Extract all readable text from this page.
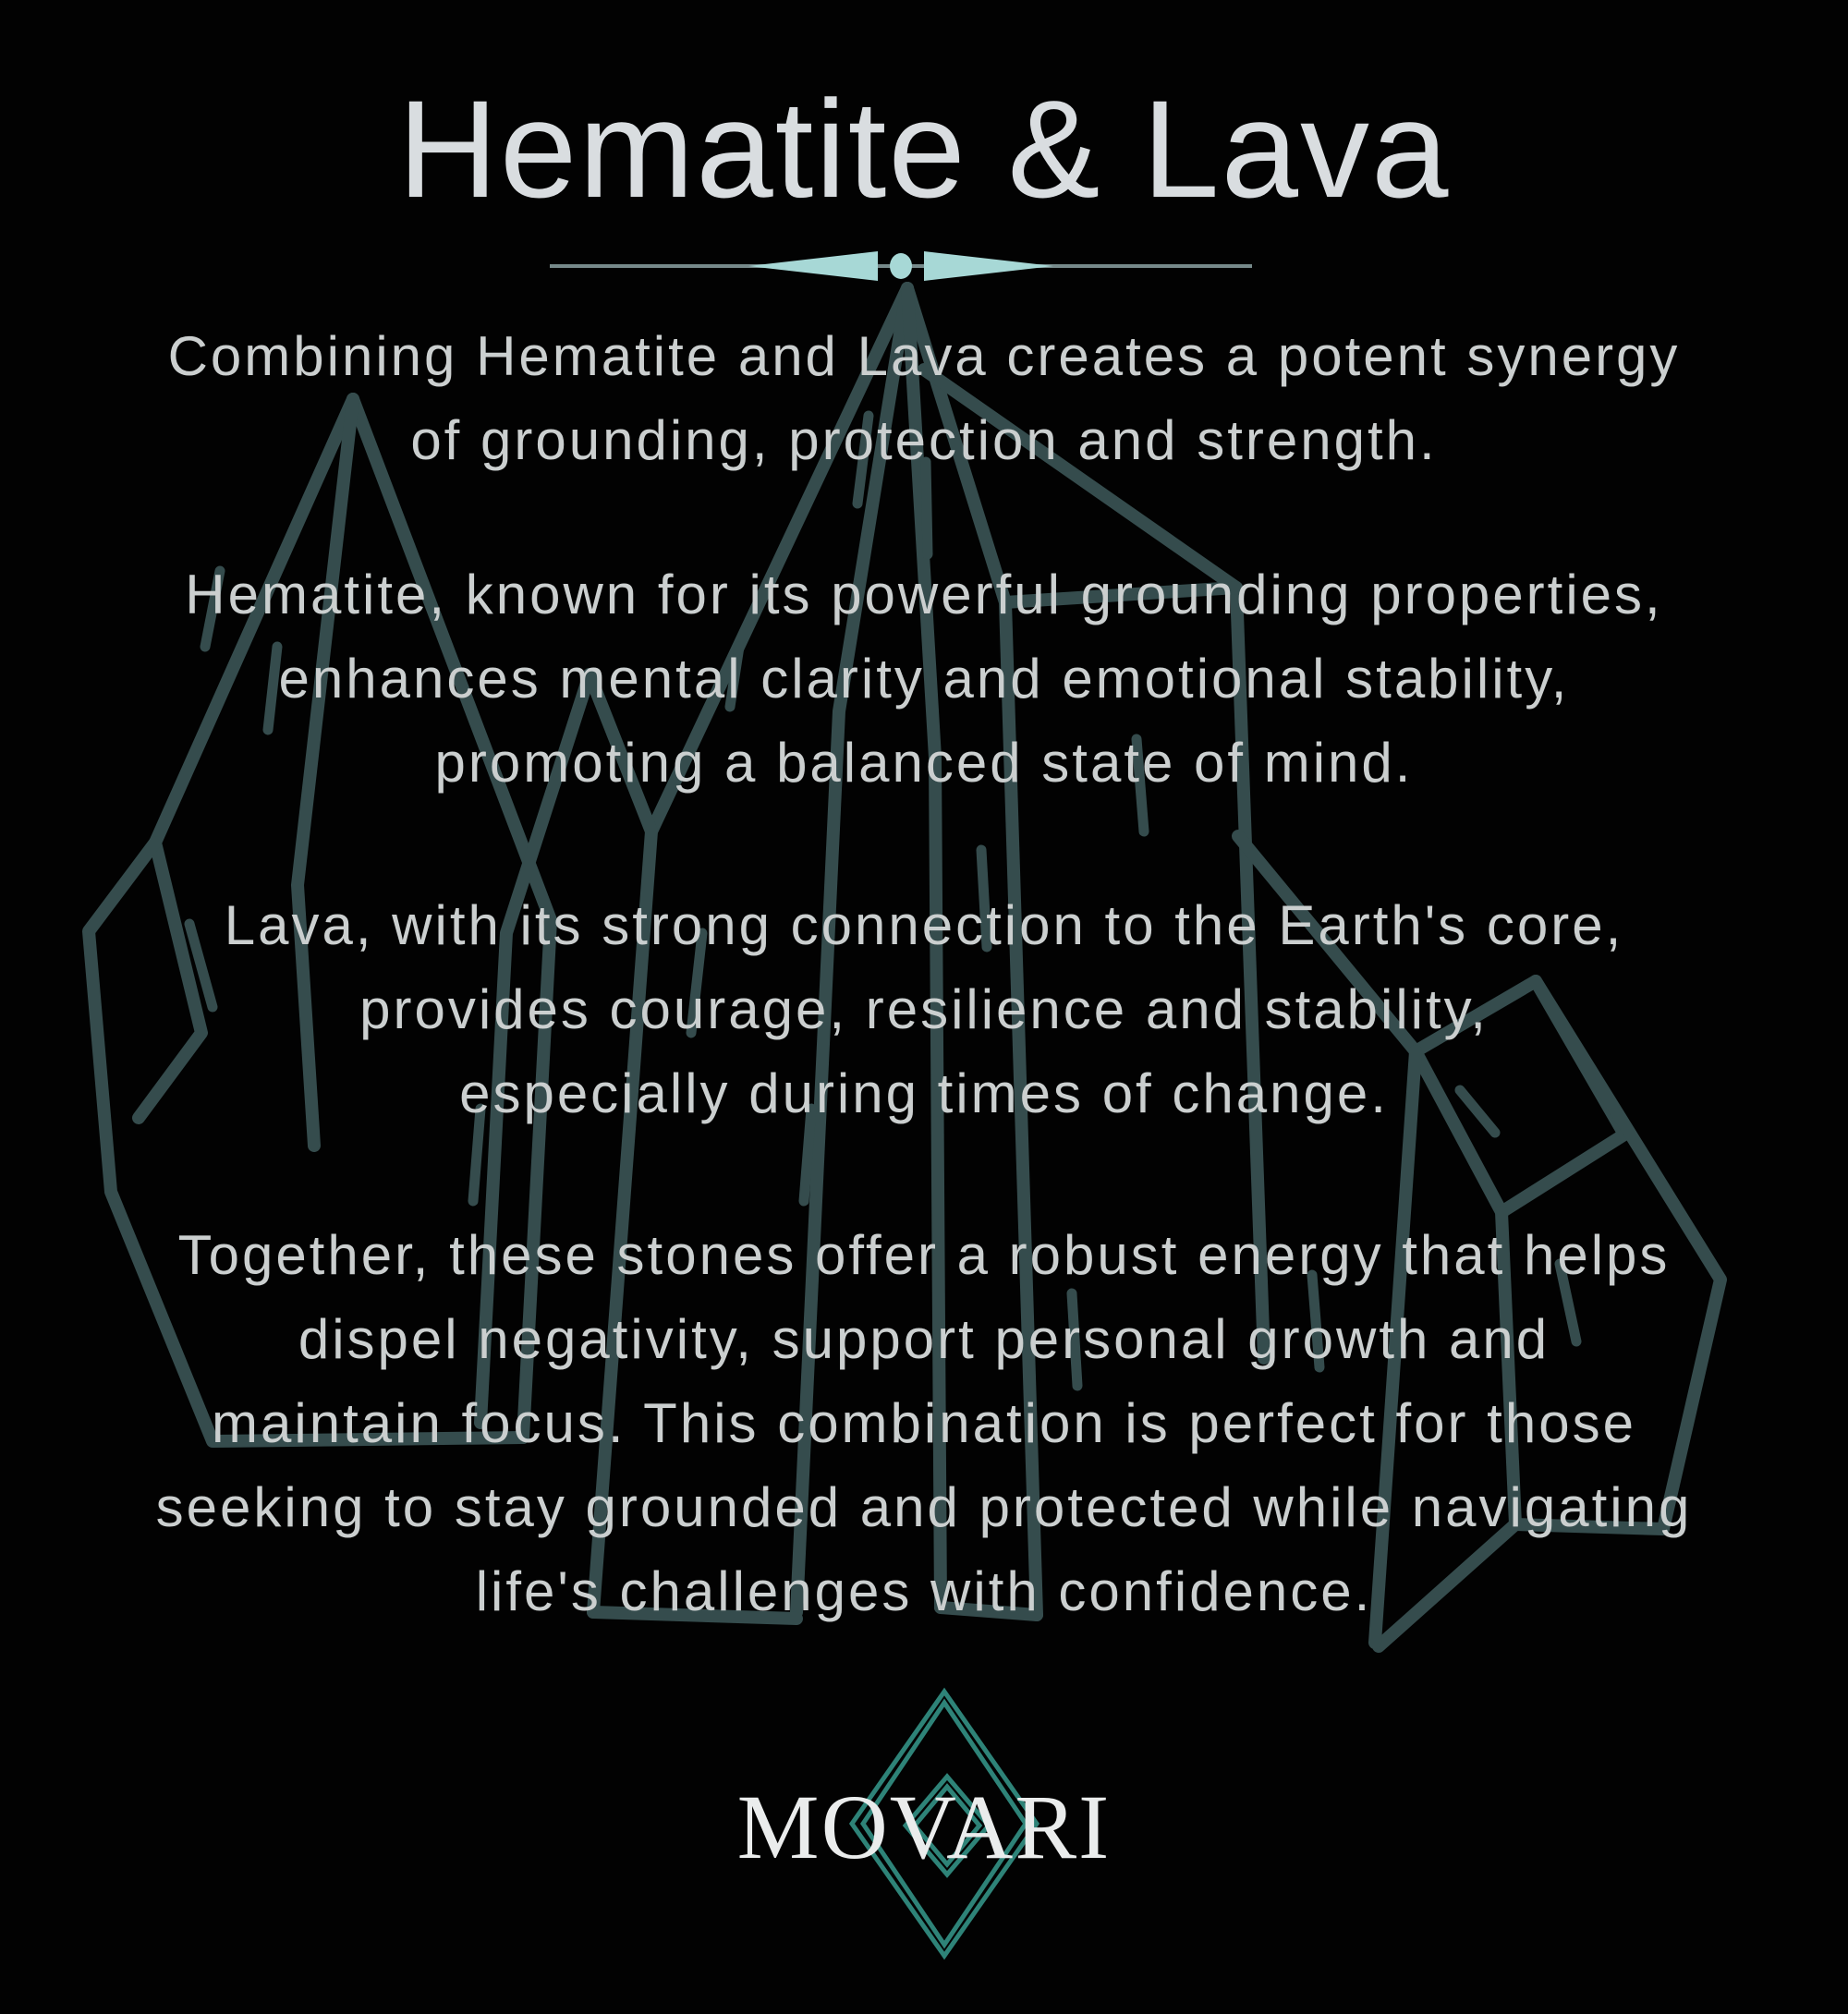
Hematite & Lava

Combining Hematite and Lava creates a potent synergy
of grounding, protection and strength.

Hematite, known for its powerful grounding properties,
enhances mental clarity and emotional stability,
promoting a balanced state of mind.

Lava, with its strong connection to the Earth's core,
provides courage, resilience and stability,
especially during times of change.

Together, these stones offer a robust energy that helps
dispel negativity, support personal growth and
maintain focus. This combination is perfect for those
seeking to stay grounded and protected while navigating
life's challenges with confidence.

MOVARI
